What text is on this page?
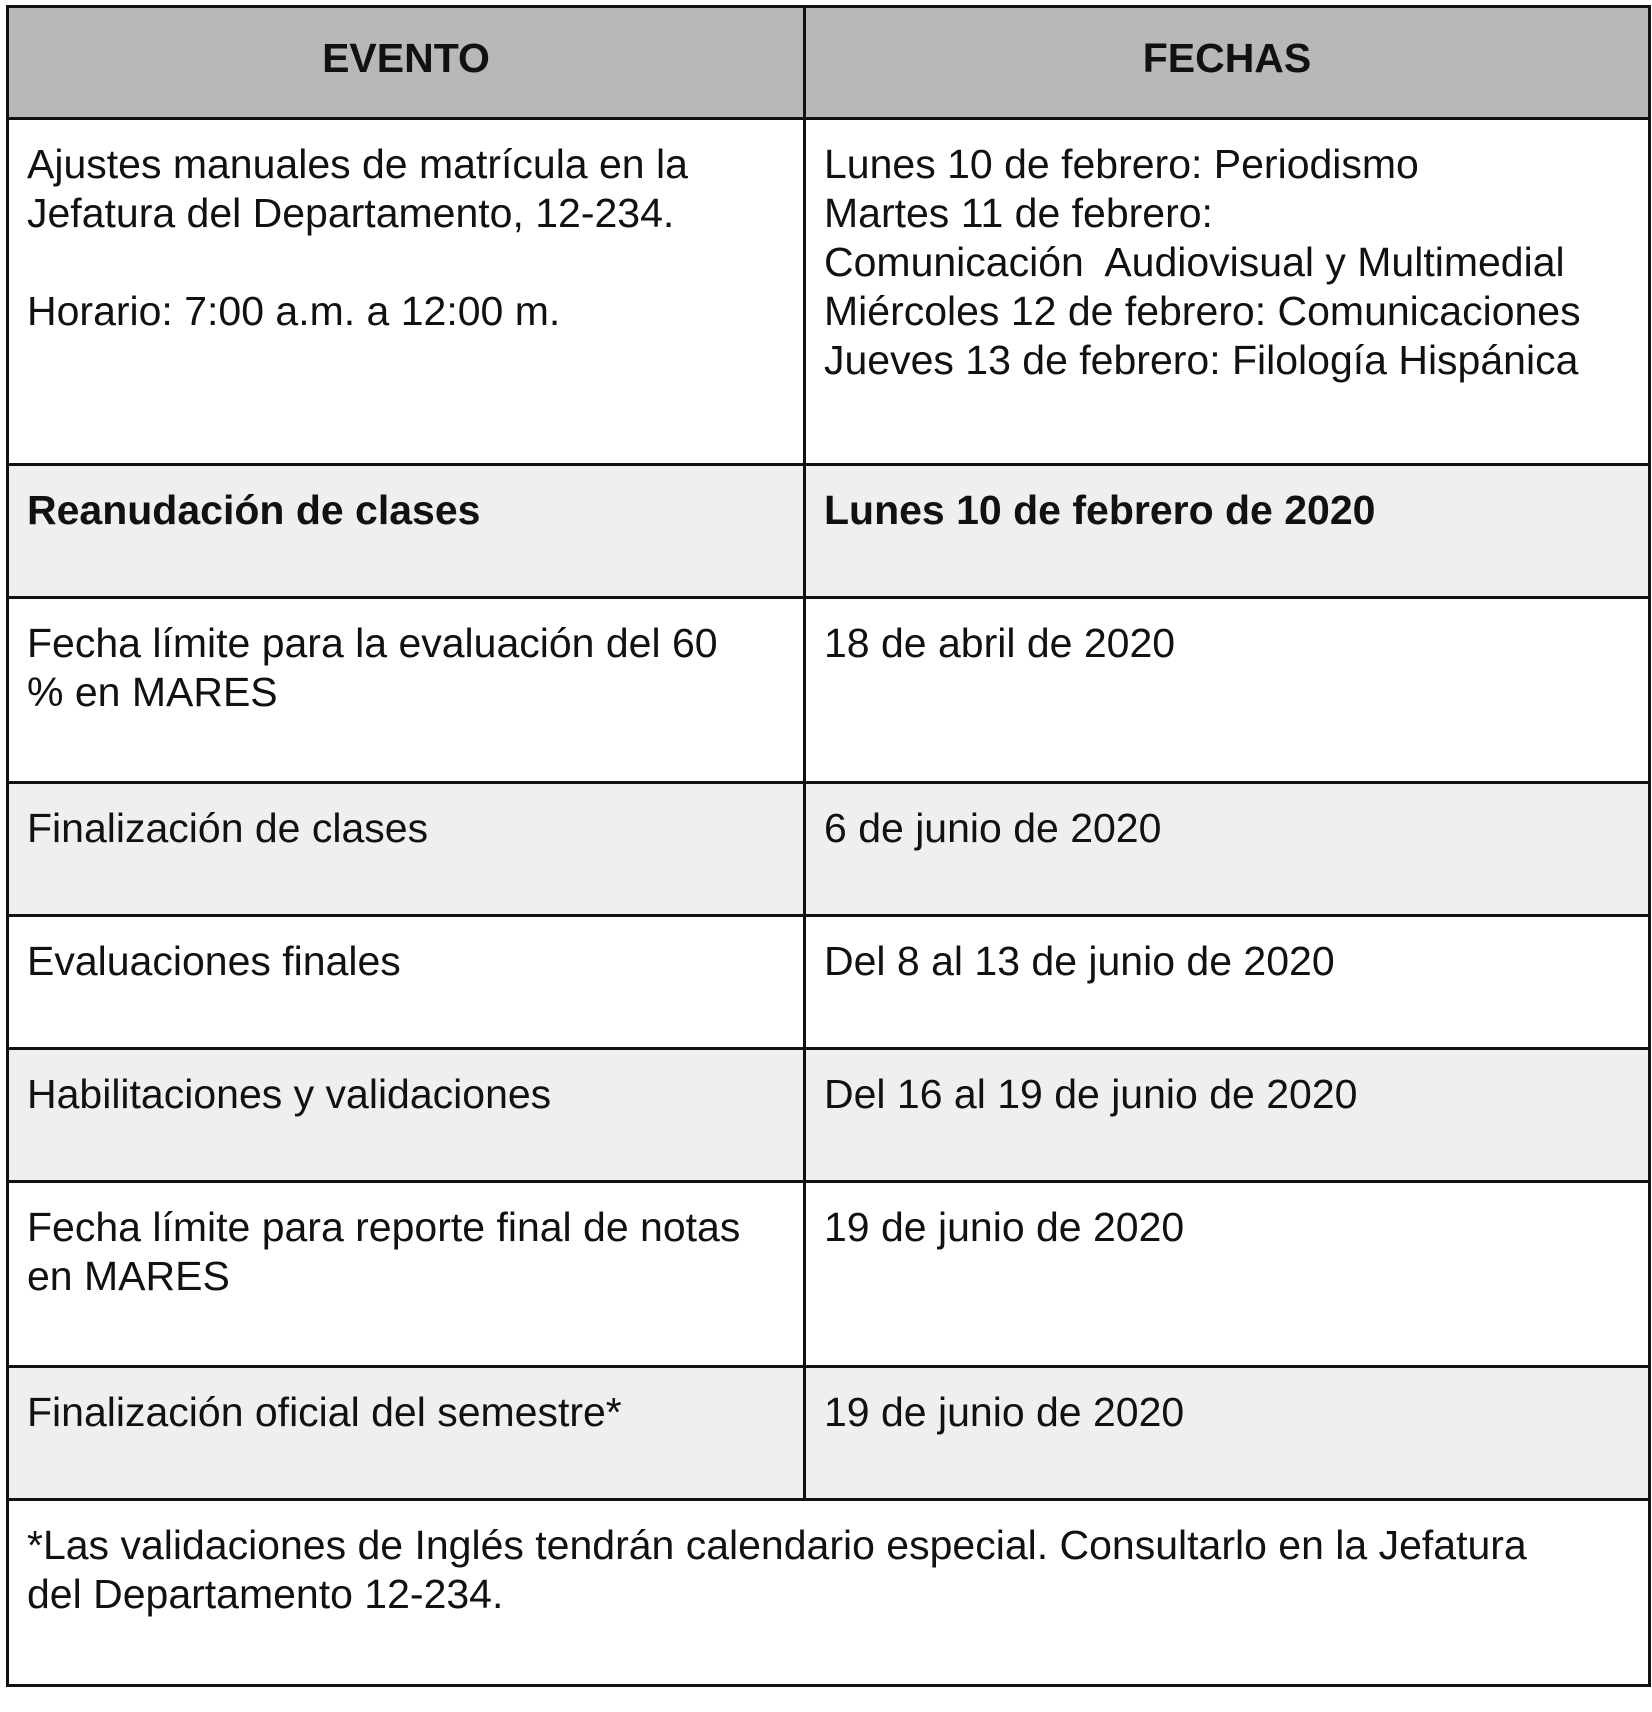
EVENTO	FECHAS

Ajustes manuales de matrícula en la
Jefatura del Departamento, 12-234.
Horario: 7:00 a.m. a 12:00 m.	Lunes 10 de febrero: Periodismo
Martes 11 de febrero:
Comunicación  Audiovisual y Multimedial
Miércoles 12 de febrero: Comunicaciones
Jueves 13 de febrero: Filología Hispánica

Reanudación de clases	Lunes 10 de febrero de 2020

Fecha límite para la evaluación del 60
% en MARES	18 de abril de 2020
Finalización de clases	6 de junio de 2020
Evaluaciones finales	Del 8 al 13 de junio de 2020
Habilitaciones y validaciones	Del 16 al 19 de junio de 2020

Fecha límite para reporte final de notas
en MARES	19 de junio de 2020
Finalización oficial del semestre*	19 de junio de 2020

*Las validaciones de Inglés tendrán calendario especial. Consultarlo en la Jefatura
del Departamento 12-234.	
